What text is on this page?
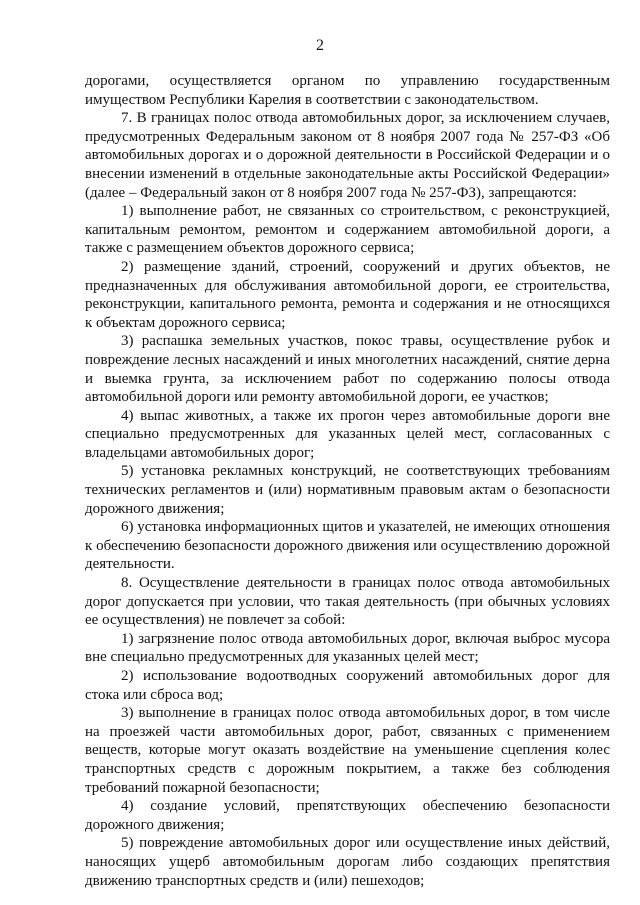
2

дорогами, осуществляется органом по управлению государственным имуществом Республики Карелия в соответствии с законодательством.

7. В границах полос отвода автомобильных дорог, за исключением случаев, предусмотренных Федеральным законом от 8 ноября 2007 года № 257-ФЗ «Об автомобильных дорогах и о дорожной деятельности в Российской Федерации и о внесении изменений в отдельные законодательные акты Российской Федерации» (далее – Федеральный закон от 8 ноября 2007 года № 257-ФЗ), запрещаются:

1) выполнение работ, не связанных со строительством, с реконструкцией, капитальным ремонтом, ремонтом и содержанием автомобильной дороги, а также с размещением объектов дорожного сервиса;

2) размещение зданий, строений, сооружений и других объектов, не предназначенных для обслуживания автомобильной дороги, ее строительства, реконструкции, капитального ремонта, ремонта и содержания и не относящихся к объектам дорожного сервиса;

3) распашка земельных участков, покос травы, осуществление рубок и повреждение лесных насаждений и иных многолетних насаждений, снятие дерна и выемка грунта, за исключением работ по содержанию полосы отвода автомобильной дороги или ремонту автомобильной дороги, ее участков;

4) выпас животных, а также их прогон через автомобильные дороги вне специально предусмотренных для указанных целей мест, согласованных с владельцами автомобильных дорог;

5) установка рекламных конструкций, не соответствующих требованиям технических регламентов и (или) нормативным правовым актам о безопасности дорожного движения;

6) установка информационных щитов и указателей, не имеющих отношения к обеспечению безопасности дорожного движения или осуществлению дорожной деятельности.

8. Осуществление деятельности в границах полос отвода автомобильных дорог допускается при условии, что такая деятельность (при обычных условиях ее осуществления) не повлечет за собой:

1) загрязнение полос отвода автомобильных дорог, включая выброс мусора вне специально предусмотренных для указанных целей мест;

2) использование водоотводных сооружений автомобильных дорог для стока или сброса вод;

3) выполнение в границах полос отвода автомобильных дорог, в том числе на проезжей части автомобильных дорог, работ, связанных с применением веществ, которые могут оказать воздействие на уменьшение сцепления колес транспортных средств с дорожным покрытием, а также без соблюдения требований пожарной безопасности;

4) создание условий, препятствующих обеспечению безопасности дорожного движения;

5) повреждение автомобильных дорог или осуществление иных действий, наносящих ущерб автомобильным дорогам либо создающих препятствия движению транспортных средств и (или) пешеходов;
